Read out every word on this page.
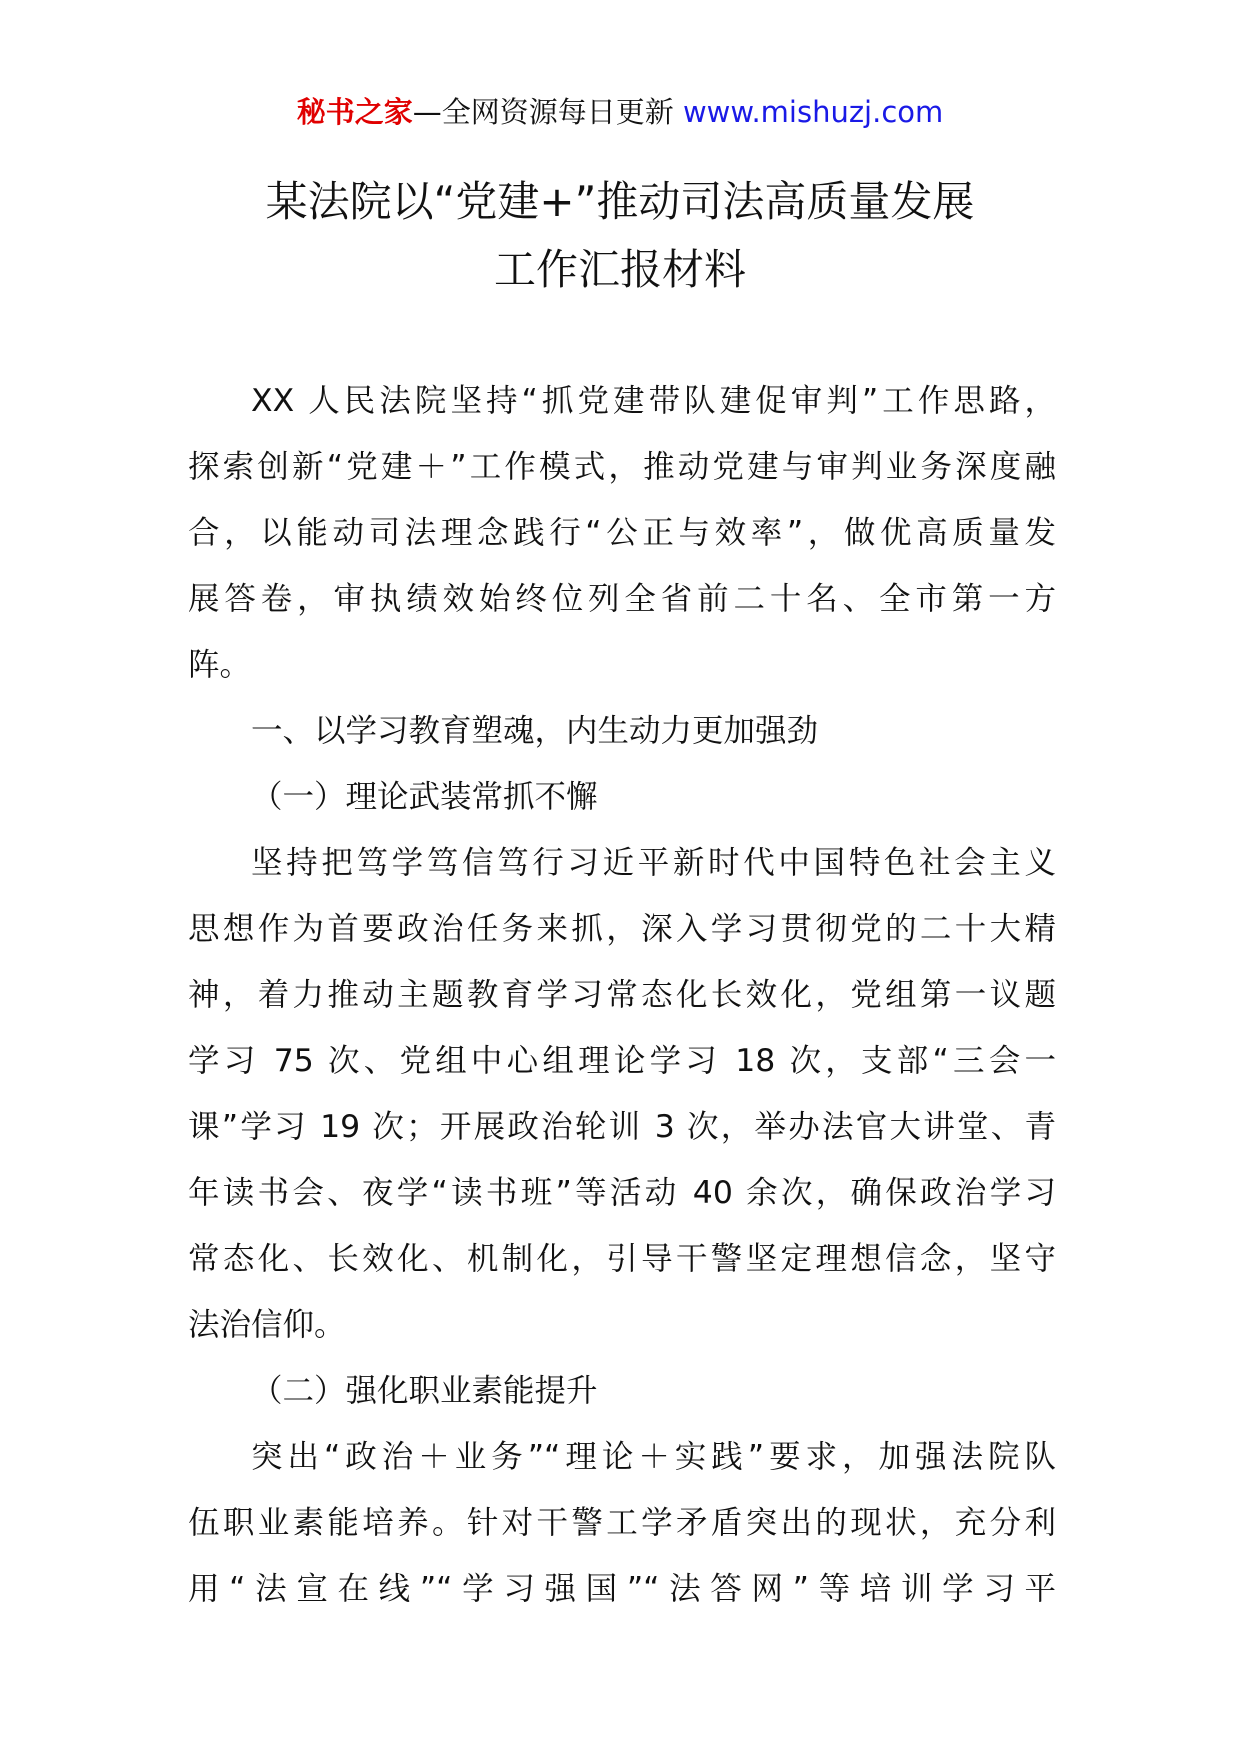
秘书之家—全网资源每日更新 www.mishuzj.com
某法院以“党建+”推动司法高质量发展
工作汇报材料

XX 人民法院坚持“抓党建带队建促审判”工作思路，
探索创新“党建＋”工作模式，推动党建与审判业务深度融
合，以能动司法理念践行“公正与效率”，做优高质量发
展答卷，审执绩效始终位列全省前二十名、全市第一方
阵。

一、以学习教育塑魂，内生动力更加强劲

（一）理论武装常抓不懈

坚持把笃学笃信笃行习近平新时代中国特色社会主义
思想作为首要政治任务来抓，深入学习贯彻党的二十大精
神，着力推动主题教育学习常态化长效化，党组第一议题
学习 75 次、党组中心组理论学习 18 次，支部“三会一
课”学习 19 次；开展政治轮训 3 次，举办法官大讲堂、青
年读书会、夜学“读书班”等活动 40 余次，确保政治学习
常态化、长效化、机制化，引导干警坚定理想信念，坚守
法治信仰。

（二）强化职业素能提升

突出“政治＋业务”“理论＋实践”要求，加强法院队
伍职业素能培养。针对干警工学矛盾突出的现状，充分利
用“法宣在线”“学习强国”“法答网”等培训学习平
